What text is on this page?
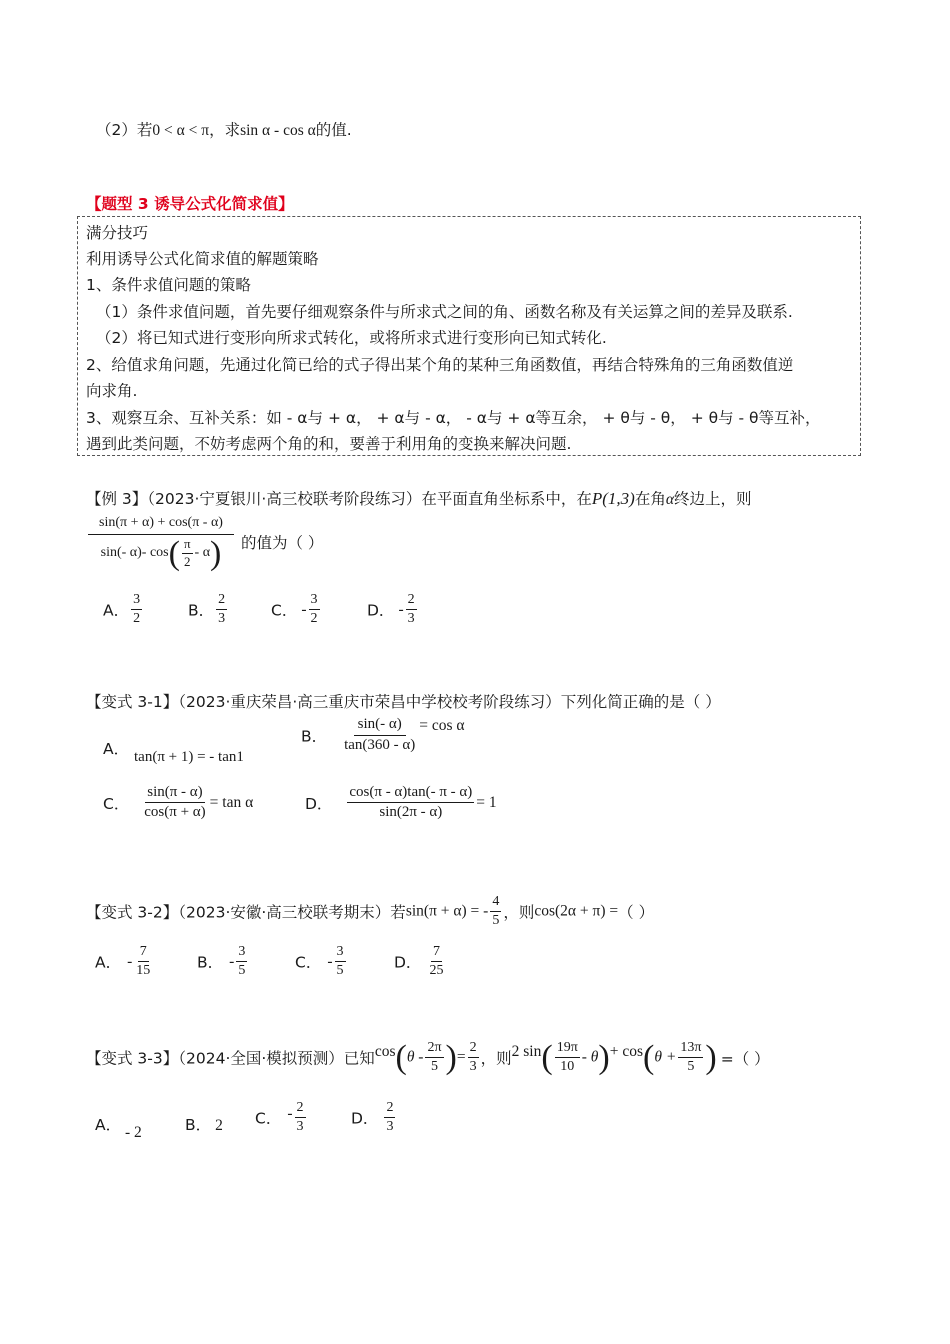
（2）若0 < α < π，求sin α - cos α的值.
【题型 3 诱导公式化简求值】
满分技巧
利用诱导公式化简求值的解题策略
1、条件求值问题的策略
（1）条件求值问题，首先要仔细观察条件与所求式之间的角、函数名称及有关运算之间的差异及联系.
（2）将已知式进行变形向所求式转化，或将所求式进行变形向已知式转化.
2、给值求角问题，先通过化简已给的式子得出某个角的某种三角函数值，再结合特殊角的三角函数值逆
向求角.
3、观察互余、互补关系：如 - α与 + α， + α与 - α， - α与 + α等互余， + θ与 - θ， + θ与 - θ等互补，
遇到此类问题，不妨考虑两个角的和，要善于利用角的变换来解决问题.
【例 3】（2023·宁夏银川·高三校联考阶段练习）在平面直角坐标系中，在P(1,3)在角α终边上，则
$\frac{\sin(\pi + \alpha) + \cos(\pi - \alpha)}{\sin(- \alpha)- \cos ( \frac{\pi}{2} - \alpha )}$ 的值为（ ）
A． $\frac{3}{2}$	B． $\frac{2}{3}$	C． - $\frac{3}{2}$	D． - $\frac{2}{3}$
【变式 3-1】（2023·重庆荣昌·高三重庆市荣昌中学校校考阶段练习）下列化简正确的是（ ）
A． tan(π + 1) = - tan1
B． $\frac{\sin(- \alpha)}{\tan(360 - \alpha)} = \cos \alpha$
C． $\frac{\sin(\pi - \alpha)}{\cos(\pi + \alpha)} = \tan \alpha$	D． $\frac{\cos(\pi - \alpha)\tan(- \pi - \alpha)}{\sin(2\pi - \alpha)} = 1$
【变式 3-2】（2023·安徽·高三校联考期末）若sin(π + α) = - $\frac{4}{5}$ ，则cos(2α + π) =（ ）
A． - $\frac{7}{15}$	B． - $\frac{3}{5}$	C． - $\frac{3}{5}$	D． $\frac{7}{25}$
【变式 3-3】（2024·全国·模拟预测）已知$\cos(\theta - \frac{2\pi}{5}$ )= $\frac{2}{3}$ ，则2 $\sin( \frac{19\pi}{10} - \theta)+ \cos(\theta + \frac{13\pi}{5}$ ) =（ ）
A． - 2	B． 2 C． - $\frac{2}{3}$	D． $\frac{2}{3}$
